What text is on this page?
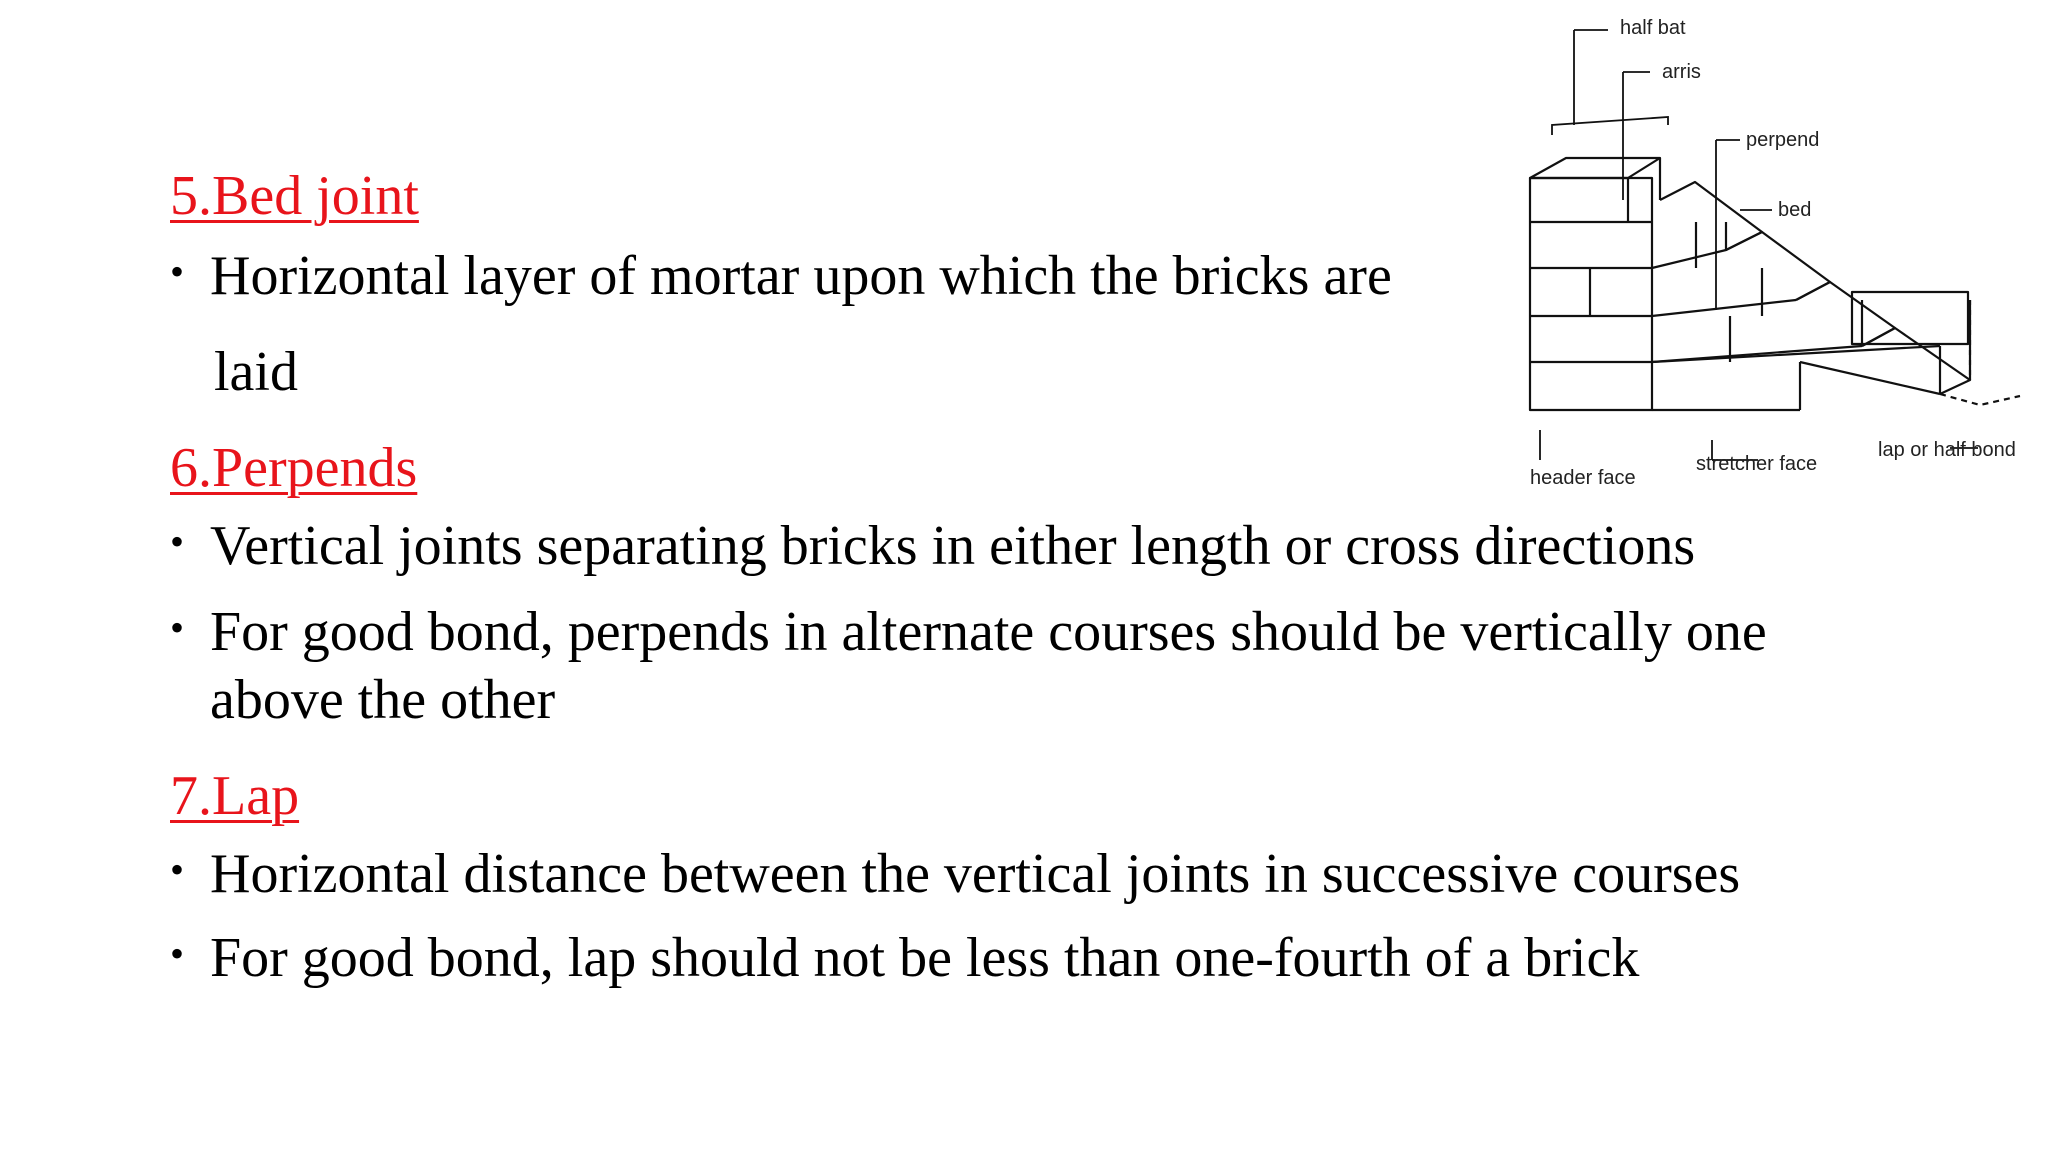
5.Bed joint
• Horizontal layer of mortar upon which the bricks are
laid
6.Perpends
• Vertical joints separating bricks in either length or cross directions
• For good bond, perpends in alternate courses should be vertically one
above the other
7.Lap
• Horizontal distance between the vertical joints in successive courses
• For good bond, lap should not be less than one-fourth of a brick
half bat
arris
perpend
bed
lap or half bond
stretcher face
header face
